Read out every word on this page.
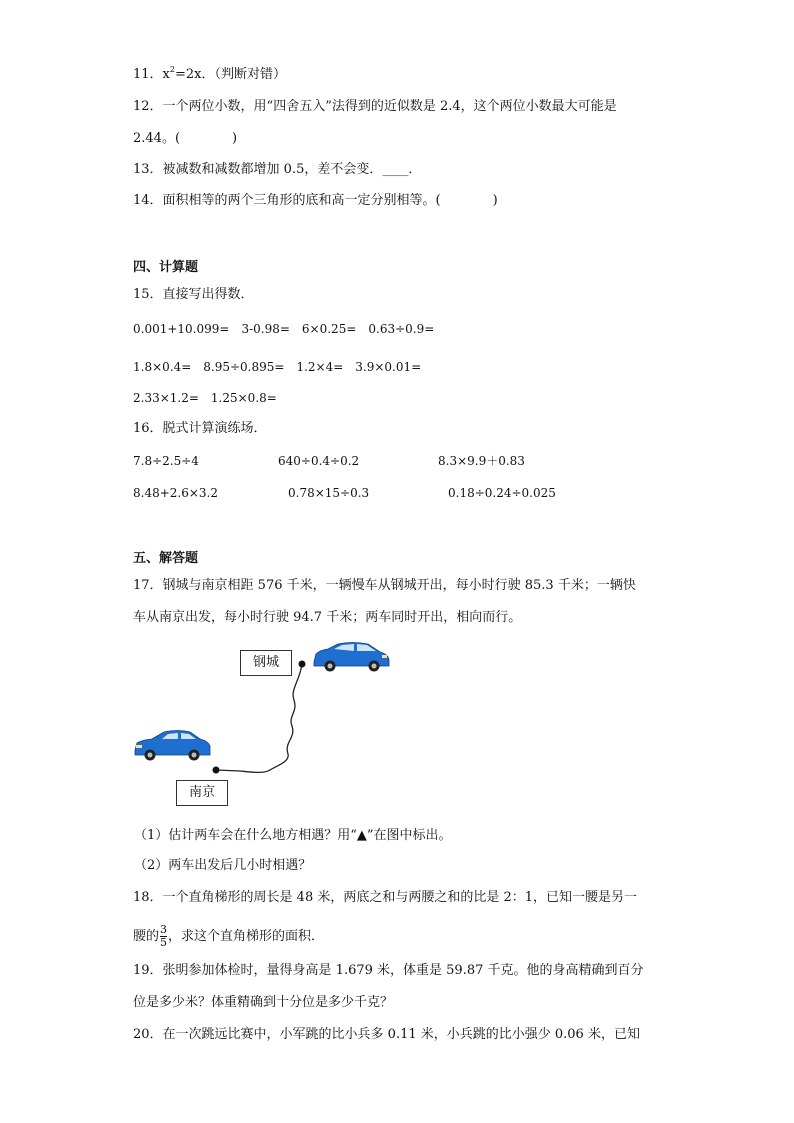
11．$x^2=2x$．（判断对错）
12．一个两位小数，用“四舍五入”法得到的近似数是 2.4，这个两位小数最大可能是
2.44。(　　　　)
13．被减数和减数都增加 0.5，差不会变．____．
14．面积相等的两个三角形的底和高一定分别相等。(　　　　)
四、计算题
15．直接写出得数．
0.001+10.099=　3-0.98=　6×0.25=　0.63÷0.9=
1.8×0.4=　8.95÷0.895=　1.2×4=　3.9×0.01=
2.33×1.2=　1.25×0.8=
16．脱式计算演练场．
7.8÷2.5÷4	640÷0.4÷0.2	8.3×9.9＋0.83
8.48+2.6×3.2	0.78×15÷0.3	0.18÷0.24÷0.025
五、解答题
17．钢城与南京相距 576 千米，一辆慢车从钢城开出，每小时行驶 85.3 千米；一辆快
车从南京出发，每小时行驶 94.7 千米；两车同时开出，相向而行。
钢城
南京
（1）估计两车会在什么地方相遇？用“▲”在图中标出。
（2）两车出发后几小时相遇？
18．一个直角梯形的周长是 48 米，两底之和与两腰之和的比是 2：1，已知一腰是另一
腰的 $\frac{3}{5}$ ，求这个直角梯形的面积．
19．张明参加体检时，量得身高是 1.679 米，体重是 59.87 千克。他的身高精确到百分
位是多少米？体重精确到十分位是多少千克？
20．在一次跳远比赛中，小军跳的比小兵多 0.11 米，小兵跳的比小强少 0.06 米，已知
